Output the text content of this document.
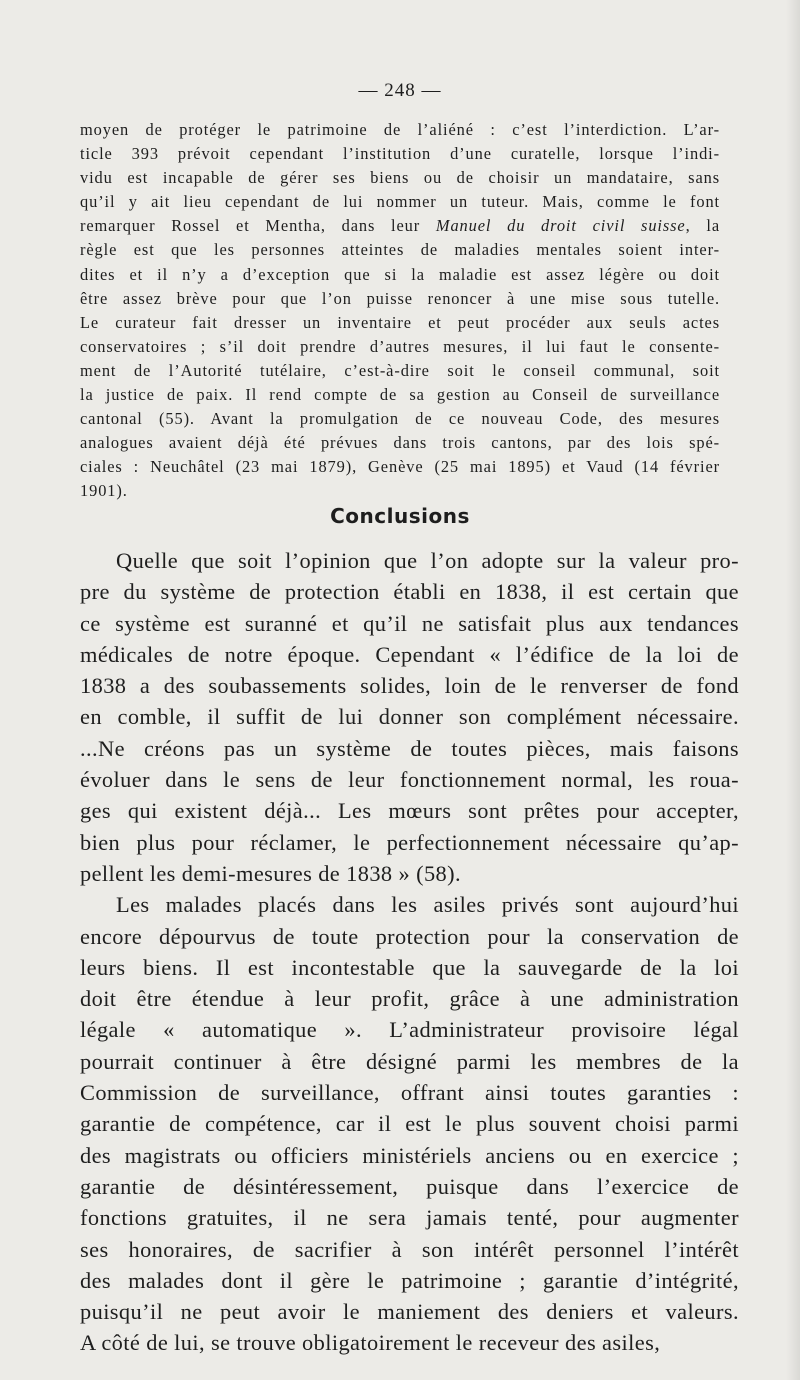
— 248 —
moyen de protéger le patrimoine de l’aliéné : c’est l’interdiction. L’ar-
ticle 393 prévoit cependant l’institution d’une curatelle, lorsque l’indi-
vidu est incapable de gérer ses biens ou de choisir un mandataire, sans
qu’il y ait lieu cependant de lui nommer un tuteur. Mais, comme le font
remarquer Rossel et Mentha, dans leur Manuel du droit civil suisse, la
règle est que les personnes atteintes de maladies mentales soient inter-
dites et il n’y a d’exception que si la maladie est assez légère ou doit
être assez brève pour que l’on puisse renoncer à une mise sous tutelle.
Le curateur fait dresser un inventaire et peut procéder aux seuls actes
conservatoires ; s’il doit prendre d’autres mesures, il lui faut le consente-
ment de l’Autorité tutélaire, c’est-à-dire soit le conseil communal, soit
la justice de paix. Il rend compte de sa gestion au Conseil de surveillance
cantonal (55). Avant la promulgation de ce nouveau Code, des mesures
analogues avaient déjà été prévues dans trois cantons, par des lois spé-
ciales : Neuchâtel (23 mai 1879), Genève (25 mai 1895) et Vaud (14 février
1901).
Conclusions
Quelle que soit l’opinion que l’on adopte sur la valeur pro-
pre du système de protection établi en 1838, il est certain que
ce système est suranné et qu’il ne satisfait plus aux tendances
médicales de notre époque. Cependant « l’édifice de la loi de
1838 a des soubassements solides, loin de le renverser de fond
en comble, il suffit de lui donner son complément nécessaire.
...Ne créons pas un système de toutes pièces, mais faisons
évoluer dans le sens de leur fonctionnement normal, les roua-
ges qui existent déjà... Les mœurs sont prêtes pour accepter,
bien plus pour réclamer, le perfectionnement nécessaire qu’ap-
pellent les demi-mesures de 1838 » (58).
Les malades placés dans les asiles privés sont aujourd’hui
encore dépourvus de toute protection pour la conservation de
leurs biens. Il est incontestable que la sauvegarde de la loi
doit être étendue à leur profit, grâce à une administration
légale « automatique ». L’administrateur provisoire légal
pourrait continuer à être désigné parmi les membres de la
Commission de surveillance, offrant ainsi toutes garanties :
garantie de compétence, car il est le plus souvent choisi parmi
des magistrats ou officiers ministériels anciens ou en exercice ;
garantie de désintéressement, puisque dans l’exercice de
fonctions gratuites, il ne sera jamais tenté, pour augmenter
ses honoraires, de sacrifier à son intérêt personnel l’intérêt
des malades dont il gère le patrimoine ; garantie d’intégrité,
puisqu’il ne peut avoir le maniement des deniers et valeurs.
A côté de lui, se trouve obligatoirement le receveur des asiles,
